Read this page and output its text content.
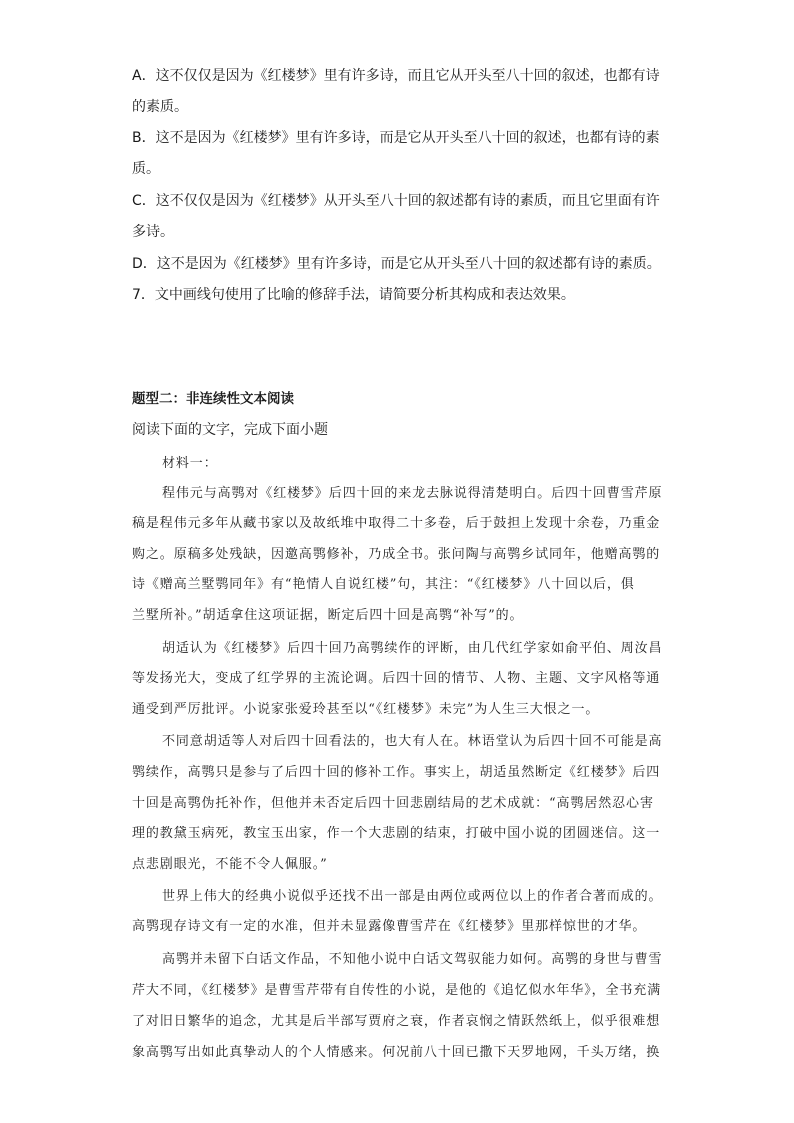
A．这不仅仅是因为《红楼梦》里有许多诗，而且它从开头至八十回的叙述，也都有诗
的素质。
B．这不是因为《红楼梦》里有许多诗，而是它从开头至八十回的叙述，也都有诗的素
质。
C．这不仅仅是因为《红楼梦》从开头至八十回的叙述都有诗的素质，而且它里面有许
多诗。
D．这不是因为《红楼梦》里有许多诗，而是它从开头至八十回的叙述都有诗的素质。
7．文中画线句使用了比喻的修辞手法，请简要分析其构成和表达效果。
题型二：非连续性文本阅读
阅读下面的文字，完成下面小题
材料一：
程伟元与高鹗对《红楼梦》后四十回的来龙去脉说得清楚明白。后四十回曹雪芹原
稿是程伟元多年从藏书家以及故纸堆中取得二十多卷，后于鼓担上发现十余卷，乃重金
购之。原稿多处残缺，因邀高鹗修补，乃成全书。张问陶与高鹗乡试同年，他赠高鹗的
诗《赠高兰墅鹗同年》有“艳情人自说红楼”句，其注：“《红楼梦》八十回以后，俱
兰墅所补。”胡适拿住这项证据，断定后四十回是高鹗“补写”的。
胡适认为《红楼梦》后四十回乃高鹗续作的评断，由几代红学家如俞平伯、周汝昌
等发扬光大，变成了红学界的主流论调。后四十回的情节、人物、主题、文字风格等通
通受到严厉批评。小说家张爱玲甚至以“《红楼梦》未完”为人生三大恨之一。
不同意胡适等人对后四十回看法的，也大有人在。林语堂认为后四十回不可能是高
鹗续作，高鹗只是参与了后四十回的修补工作。事实上，胡适虽然断定《红楼梦》后四
十回是高鹗伪托补作，但他并未否定后四十回悲剧结局的艺术成就：“高鹗居然忍心害
理的教黛玉病死，教宝玉出家，作一个大悲剧的结束，打破中国小说的团圆迷信。这一
点悲剧眼光，不能不令人佩服。”
世界上伟大的经典小说似乎还找不出一部是由两位或两位以上的作者合著而成的。
高鹗现存诗文有一定的水准，但并未显露像曹雪芹在《红楼梦》里那样惊世的才华。
高鹗并未留下白话文作品，不知他小说中白话文驾驭能力如何。高鹗的身世与曹雪
芹大不同，《红楼梦》是曹雪芹带有自传性的小说，是他的《追忆似水年华》，全书充满
了对旧日繁华的追念，尤其是后半部写贾府之衰，作者哀悯之情跃然纸上，似乎很难想
象高鹗写出如此真挚动人的个人情感来。何况前八十回已撒下天罗地网，千头万绪，换
